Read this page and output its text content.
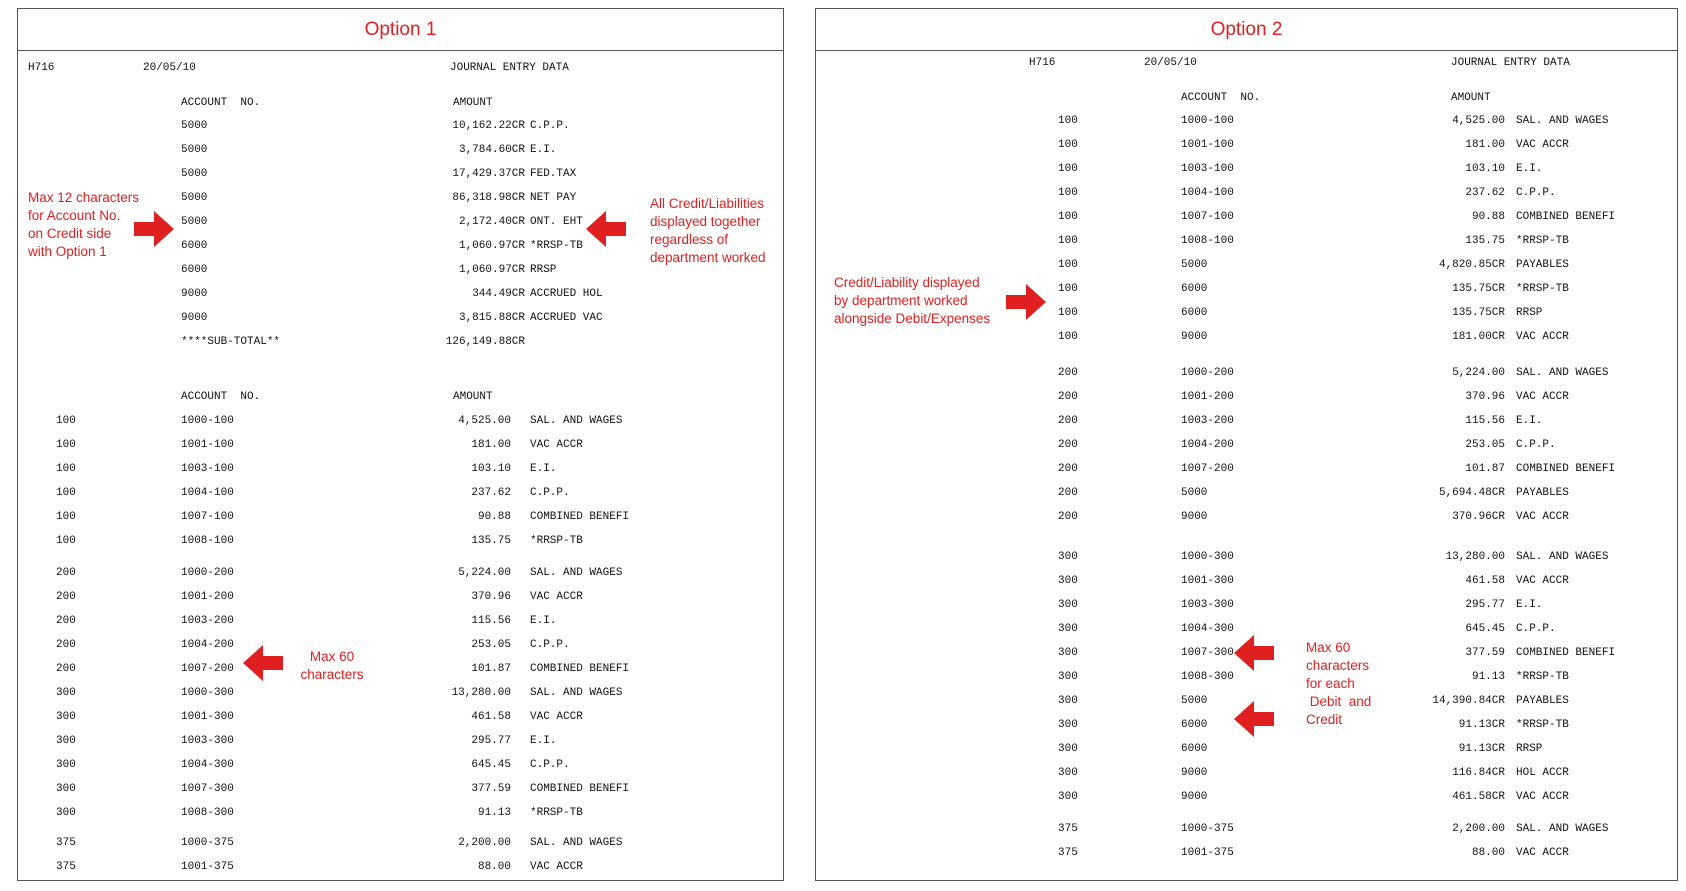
Option 1
H716	20/05/10	JOURNAL ENTRY DATA
ACCOUNT  NO.	AMOUNT
5000	10,162.22CR C.P.P.
5000	3,784.60CR E.I.
5000	17,429.37CR FED.TAX
5000	86,318.98CR NET PAY
5000	2,172.40CR ONT. EHT
6000	1,060.97CR *RRSP-TB
6000	1,060.97CR RRSP
9000	344.49CR ACCRUED HOL
9000	3,815.88CR ACCRUED VAC
****SUB-TOTAL**	126,149.88CR
ACCOUNT  NO.	AMOUNT
100	1000-100	4,525.00 SAL. AND WAGES
100	1001-100	181.00 VAC ACCR
100	1003-100	103.10 E.I.
100	1004-100	237.62 C.P.P.
100	1007-100	90.88 COMBINED BENEFI
100	1008-100	135.75 *RRSP-TB
200	1000-200	5,224.00 SAL. AND WAGES
200	1001-200	370.96 VAC ACCR
200	1003-200	115.56 E.I.
200	1004-200	253.05 C.P.P.
200	1007-200	101.87 COMBINED BENEFI
300	1000-300	13,280.00 SAL. AND WAGES
300	1001-300	461.58 VAC ACCR
300	1003-300	295.77 E.I.
300	1004-300	645.45 C.P.P.
300	1007-300	377.59 COMBINED BENEFI
300	1008-300	91.13 *RRSP-TB
375	1000-375	2,200.00 SAL. AND WAGES
375	1001-375	88.00 VAC ACCR
Max 12 characters
for Account No.
on Credit side
with Option 1
All Credit/Liabilities
displayed together
regardless of
department worked
Max 60
characters
Option 2
H716	20/05/10	JOURNAL ENTRY DATA
ACCOUNT  NO.	AMOUNT
100	1000-100	4,525.00 SAL. AND WAGES
100	1001-100	181.00 VAC ACCR
100	1003-100	103.10 E.I.
100	1004-100	237.62 C.P.P.
100	1007-100	90.88 COMBINED BENEFI
100	1008-100	135.75 *RRSP-TB
100	5000	4,820.85CR PAYABLES
100	6000	135.75CR *RRSP-TB
100	6000	135.75CR RRSP
100	9000	181.00CR VAC ACCR
200	1000-200	5,224.00 SAL. AND WAGES
200	1001-200	370.96 VAC ACCR
200	1003-200	115.56 E.I.
200	1004-200	253.05 C.P.P.
200	1007-200	101.87 COMBINED BENEFI
200	5000	5,694.48CR PAYABLES
200	9000	370.96CR VAC ACCR
300	1000-300	13,280.00 SAL. AND WAGES
300	1001-300	461.58 VAC ACCR
300	1003-300	295.77 E.I.
300	1004-300	645.45 C.P.P.
300	1007-300	377.59 COMBINED BENEFI
300	1008-300	91.13 *RRSP-TB
300	5000	14,390.84CR PAYABLES
300	6000	91.13CR *RRSP-TB
300	6000	91.13CR RRSP
300	9000	116.84CR HOL ACCR
300	9000	461.58CR VAC ACCR
375	1000-375	2,200.00 SAL. AND WAGES
375	1001-375	88.00 VAC ACCR
Credit/Liability displayed
by department worked
alongside Debit/Expenses
Max 60
characters
for each
Debit  and
Credit
